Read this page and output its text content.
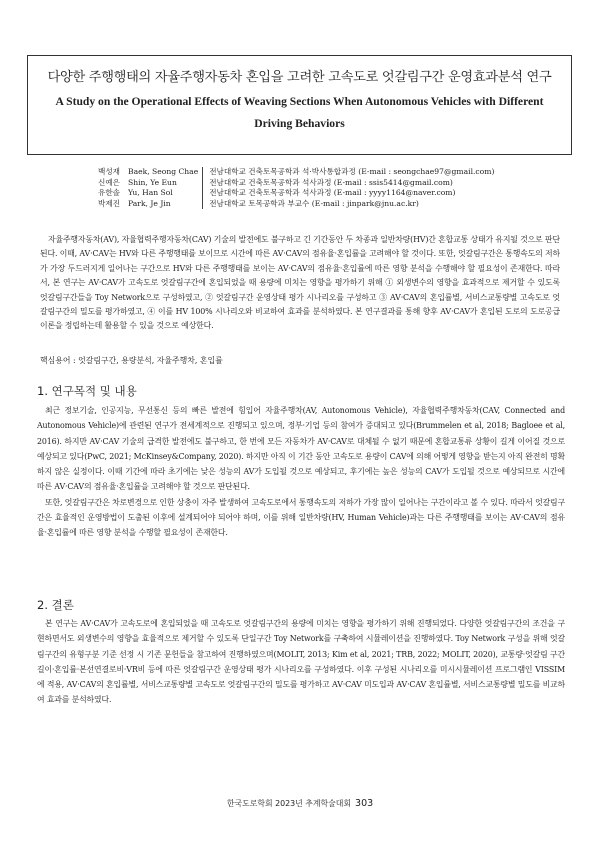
다양한 주행행태의 자율주행자동차 혼입을 고려한 고속도로 엇갈림구간 운영효과분석 연구
A Study on the Operational Effects of Weaving Sections When Autonomous Vehicles with Different Driving Behaviors
백성재	Baek, Seong Chae	전남대학교 건축토목공학과 석·박사통합과정 (E-mail : seongchae97@gmail.com)
신예은	Shin, Ye Eun	전남대학교 건축토목공학과 석사과정 (E-mail : ssis5414@gmail.com)
유한솔	Yu, Han Sol	전남대학교 건축토목공학과 석사과정 (E-mail : yyyy1164@naver.com)
박제진	Park, Je Jin	전남대학교 토목공학과 부교수 (E-mail : jinpark@jnu.ac.kr)
자율주행자동차(AV), 자율협력주행자동차(CAV) 기술의 발전에도 불구하고 긴 기간동안 두 차종과 일반차량(HV)간 혼합교통 상태가 유지될 것으로 판단된다. 이때, AV·CAV는 HV와 다른 주행행태를 보이므로 시간에 따른 AV·CAV의 점유율·혼입률을 고려해야 할 것이다. 또한, 엇갈림구간은 통행속도의 저하가 가장 두드러지게 일어나는 구간으로 HV와 다른 주행행태를 보이는 AV·CAV의 점유율·혼입률에 따른 영향 분석을 수행해야 할 필요성이 존재한다. 따라서, 본 연구는 AV·CAV가 고속도로 엇갈림구간에 혼입되었을 때 용량에 미치는 영향을 평가하기 위해 ① 외생변수의 영향을 효과적으로 제거할 수 있도록 엇갈림구간들을 Toy Network으로 구성하였고, ② 엇갈림구간 운영상태 평가 시나리오를 구성하고 ③ AV·CAV의 혼입률별, 서비스교통량별 고속도로 엇갈림구간의 밀도를 평가하였고, ④ 이를 HV 100% 시나리오와 비교하여 효과를 분석하였다. 본 연구결과를 통해 향후 AV·CAV가 혼입된 도로의 도로공급이론을 정립하는데 활용할 수 있을 것으로 예상한다.
핵심용어 : 엇갈림구간, 용량분석, 자율주행차, 혼입률
1. 연구목적 및 내용

최근 정보기술, 인공지능, 무선통신 등의 빠른 발전에 힘입어 자율주행차(AV, Autonomous Vehicle), 자율협력주행차동차(CAV, Connected and Autonomous Vehicle)에 관련된 연구가 전세계적으로 진행되고 있으며, 정부·기업 등의 참여가 증대되고 있다(Brummelen et al, 2018; Bagloee et al, 2016). 하지만 AV·CAV 기술의 급격한 발전에도 불구하고, 한 번에 모든 자동차가 AV·CAV로 대체될 수 없기 때문에 혼합교통류 상황이 길게 이어질 것으로 예상되고 있다(PwC, 2021; McKinsey&Company, 2020). 하지만 아직 이 기간 동안 고속도로 용량이 CAV에 의해 어떻게 영향을 받는지 아직 완전히 명확하지 않은 실정이다. 이때 기간에 따라 초기에는 낮은 성능의 AV가 도입될 것으로 예상되고, 후기에는 높은 성능의 CAV가 도입될 것으로 예상되므로 시간에 따른 AV·CAV의 점유율·혼입률을 고려해야 할 것으로 판단된다.

또한, 엇갈림구간은 차로변경으로 인한 상충이 자주 발생하여 고속도로에서 통행속도의 저하가 가장 많이 일어나는 구간이라고 볼 수 있다. 따라서 엇갈림구간은 효율적인 운영방법이 도출된 이후에 설계되어야 되어야 하며, 이를 위해 일반차량(HV, Human Vehicle)과는 다른 주행행태를 보이는 AV·CAV의 점유율·혼입률에 따른 영향 분석을 수행할 필요성이 존재한다.

2. 결론

본 연구는 AV·CAV가 고속도로에 혼입되었을 때 고속도로 엇갈림구간의 용량에 미치는 영향을 평가하기 위해 진행되었다. 다양한 엇갈림구간의 조건을 구현하면서도 외생변수의 영향을 효율적으로 제거할 수 있도록 단일구간 Toy Network를 구축하여 시뮬레이션을 진행하였다. Toy Network 구성을 위해 엇갈림구간의 유형구분 기준 선정 시 기존 문헌들을 참고하여 진행하였으며(MOLIT, 2013; Kim et al, 2021; TRB, 2022; MOLIT, 2020), 교통량·엇갈림 구간길이·혼입률·본선연결로비·VR비 등에 따른 엇갈림구간 운영상태 평가 시나리오를 구성하였다. 이후 구성된 시나리오를 미시시뮬레이션 프로그램인 VISSIM에 적용, AV·CAV의 혼입률별, 서비스교통량별 고속도로 엇갈림구간의 밀도를 평가하고 AV·CAV 미도입과 AV·CAV 혼입률별, 서비스교통량별 밀도를 비교하여 효과를 분석하였다.

한국도로학회 2023년 추계학술대회 303
